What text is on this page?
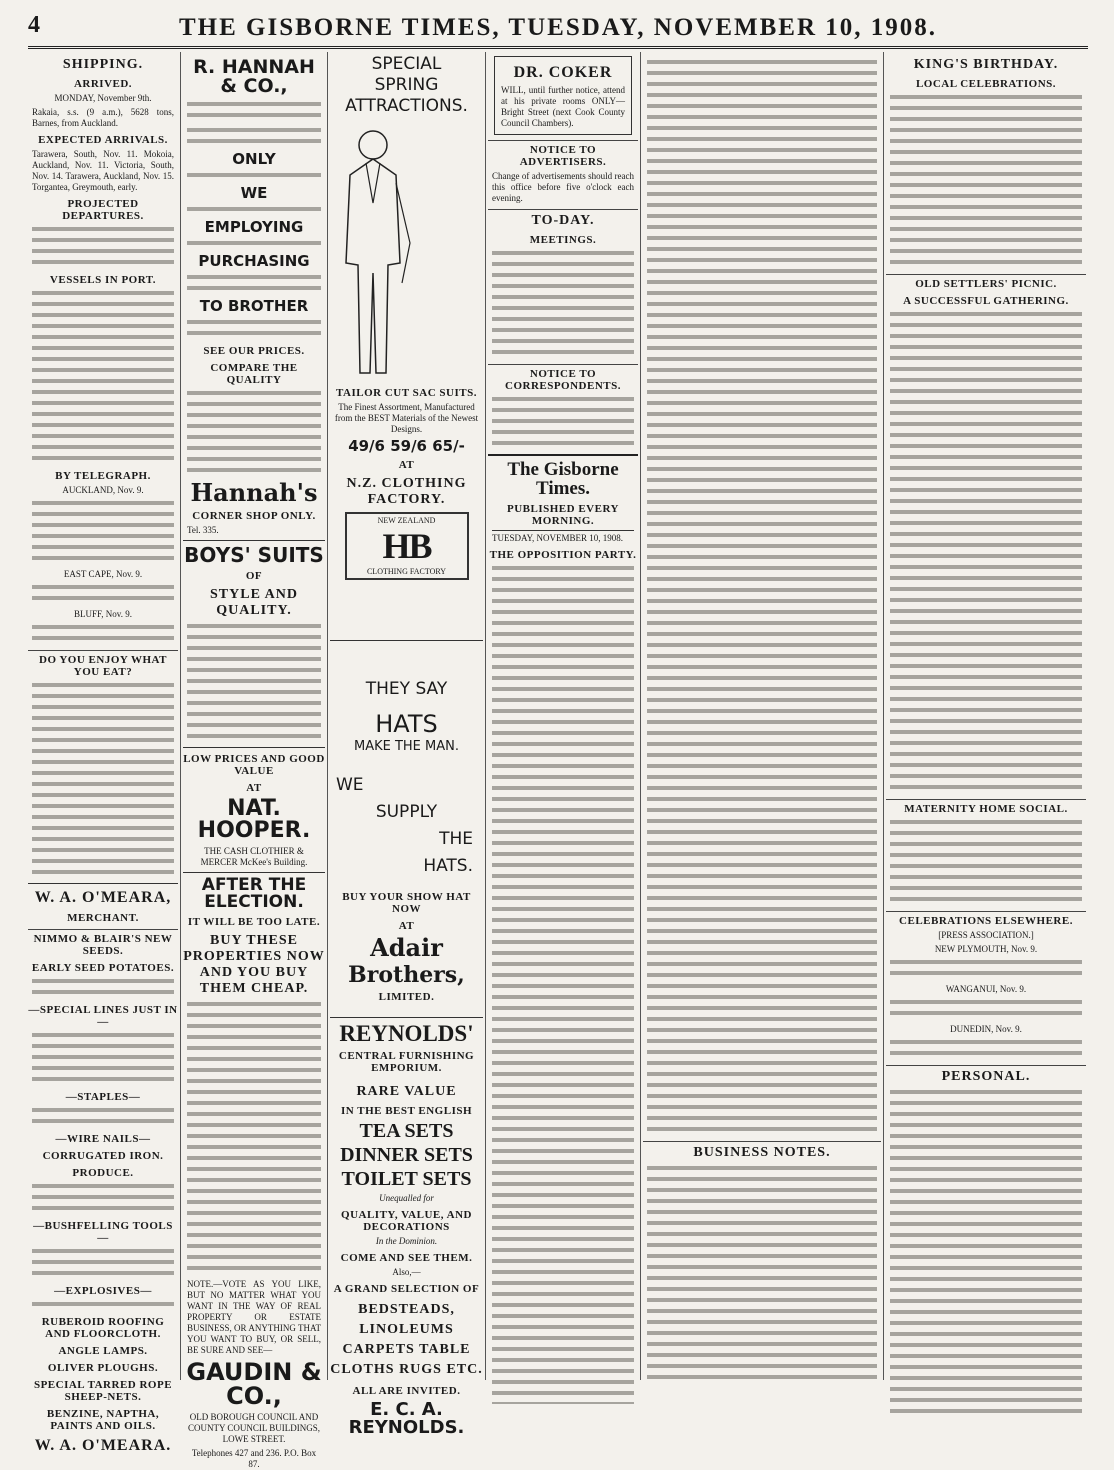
4	THE GISBORNE TIMES, TUESDAY, NOVEMBER 10, 1908.
SHIPPING.
ARRIVED.
MONDAY, November 9th.
Rakaia, s.s. (9 a.m.), 5628 tons, Barnes, from Auckland.
EXPECTED ARRIVALS.
Tarawera, South, Nov. 11. Mokoia, Auckland, Nov. 11. Victoria, South, Nov. 14. Tarawera, Auckland, Nov. 15. Torgantea, Greymouth, early.
PROJECTED DEPARTURES.
VESSELS IN PORT.
BY TELEGRAPH.
AUCKLAND, Nov. 9.
EAST CAPE, Nov. 9.
BLUFF, Nov. 9.
DO YOU ENJOY WHAT YOU EAT?
W. A. O'MEARA,
MERCHANT.
NIMMO & BLAIR'S NEW SEEDS.
EARLY SEED POTATOES.
—SPECIAL LINES JUST IN—
—STAPLES—
—WIRE NAILS—
CORRUGATED IRON.
PRODUCE.
—BUSHFELLING TOOLS—
—EXPLOSIVES—
RUBEROID ROOFING AND FLOORCLOTH.
ANGLE LAMPS.
OLIVER PLOUGHS.
SPECIAL TARRED ROPE SHEEP-NETS.
BENZINE, NAPTHA, PAINTS AND OILS.
W. A. O'MEARA.
R. HANNAH & CO.,
ONLY
WE
EMPLOYING
PURCHASING
TO BROTHER
SEE OUR PRICES.
COMPARE THE QUALITY
Hannah's
CORNER SHOP ONLY.
Tel. 335.
BOYS' SUITS
OF
STYLE AND QUALITY.
LOW PRICES AND GOOD VALUE
AT
NAT. HOOPER.
THE CASH CLOTHIER & MERCER McKee's Building.
AFTER THE ELECTION.
IT WILL BE TOO LATE.
BUY THESE PROPERTIES NOW AND YOU BUY THEM CHEAP.
NOTE.—VOTE AS YOU LIKE, BUT NO MATTER WHAT YOU WANT IN THE WAY OF REAL PROPERTY OR ESTATE BUSINESS, OR ANYTHING THAT YOU WANT TO BUY, OR SELL, BE SURE AND SEE—
GAUDIN & CO.,
OLD BOROUGH COUNCIL AND COUNTY COUNCIL BUILDINGS, LOWE STREET.
Telephones 427 and 236. P.O. Box 87.
SPECIAL
SPRING
ATTRACTIONS.
TAILOR CUT SAC SUITS.
The Finest Assortment, Manufactured from the BEST Materials of the Newest Designs.
49/6 59/6 65/-
AT
N.Z. CLOTHING FACTORY.
NEW ZEALAND
HB
CLOTHING FACTORY
THEY SAY
HATS
MAKE THE MAN.
WE
SUPPLY
THE
HATS.
BUY YOUR SHOW HAT NOW
AT
Adair
Brothers,
LIMITED.
REYNOLDS'
CENTRAL FURNISHING EMPORIUM.
RARE VALUE
IN THE BEST ENGLISH
TEA SETS
DINNER SETS
TOILET SETS
Unequalled for
QUALITY, VALUE, AND DECORATIONS
In the Dominion.
COME AND SEE THEM.
Also,—
A GRAND SELECTION OF
BEDSTEADS, LINOLEUMS CARPETS TABLE CLOTHS RUGS ETC.
ALL ARE INVITED.
E. C. A. REYNOLDS.
DR. COKER
WILL, until further notice, attend at his private rooms ONLY—Bright Street (next Cook County Council Chambers).
NOTICE TO ADVERTISERS.
Change of advertisements should reach this office before five o'clock each evening.
TO-DAY.
MEETINGS.
NOTICE TO CORRESPONDENTS.
The Gisborne Times.
PUBLISHED EVERY MORNING.
TUESDAY, NOVEMBER 10, 1908.
THE OPPOSITION PARTY.
BUSINESS NOTES.
KING'S BIRTHDAY.
LOCAL CELEBRATIONS.
OLD SETTLERS' PICNIC.
A SUCCESSFUL GATHERING.
MATERNITY HOME SOCIAL.
CELEBRATIONS ELSEWHERE.
[PRESS ASSOCIATION.]
NEW PLYMOUTH, Nov. 9.
WANGANUI, Nov. 9.
DUNEDIN, Nov. 9.
PERSONAL.
